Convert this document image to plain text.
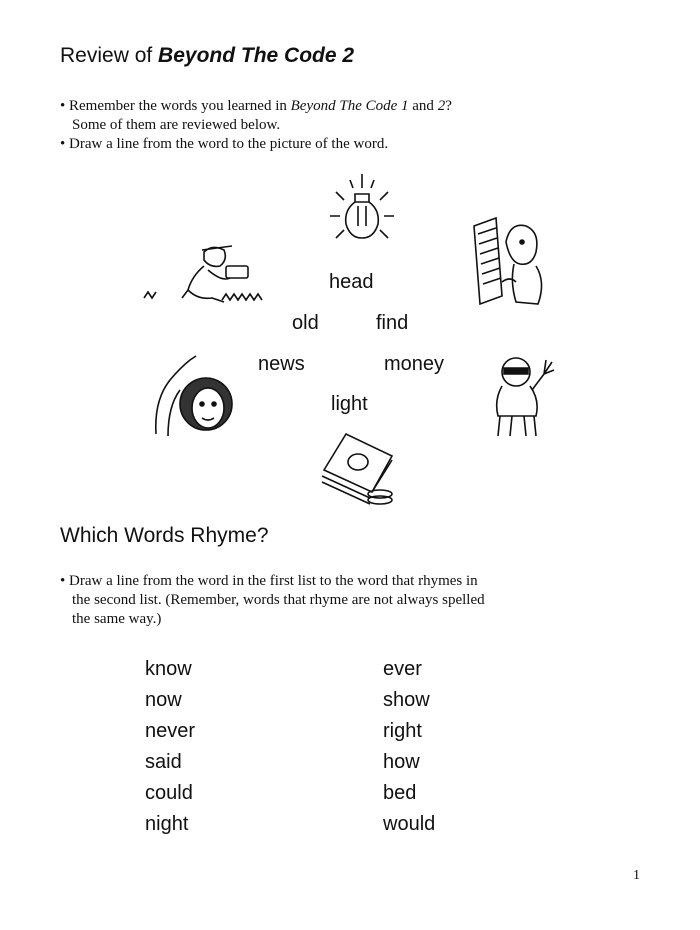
Review of Beyond The Code 2

• Remember the words you learned in Beyond The Code 1 and 2?
Some of them are reviewed below.

• Draw a line from the word to the picture of the word.

head
old	find
news	money
light
Which Words Rhyme?

• Draw a line from the word in the first list to the word that rhymes in
the second list. (Remember, words that rhyme are not always spelled
the same way.)

know
now
never
said
could
night
ever
show
right
how
bed
would
1
